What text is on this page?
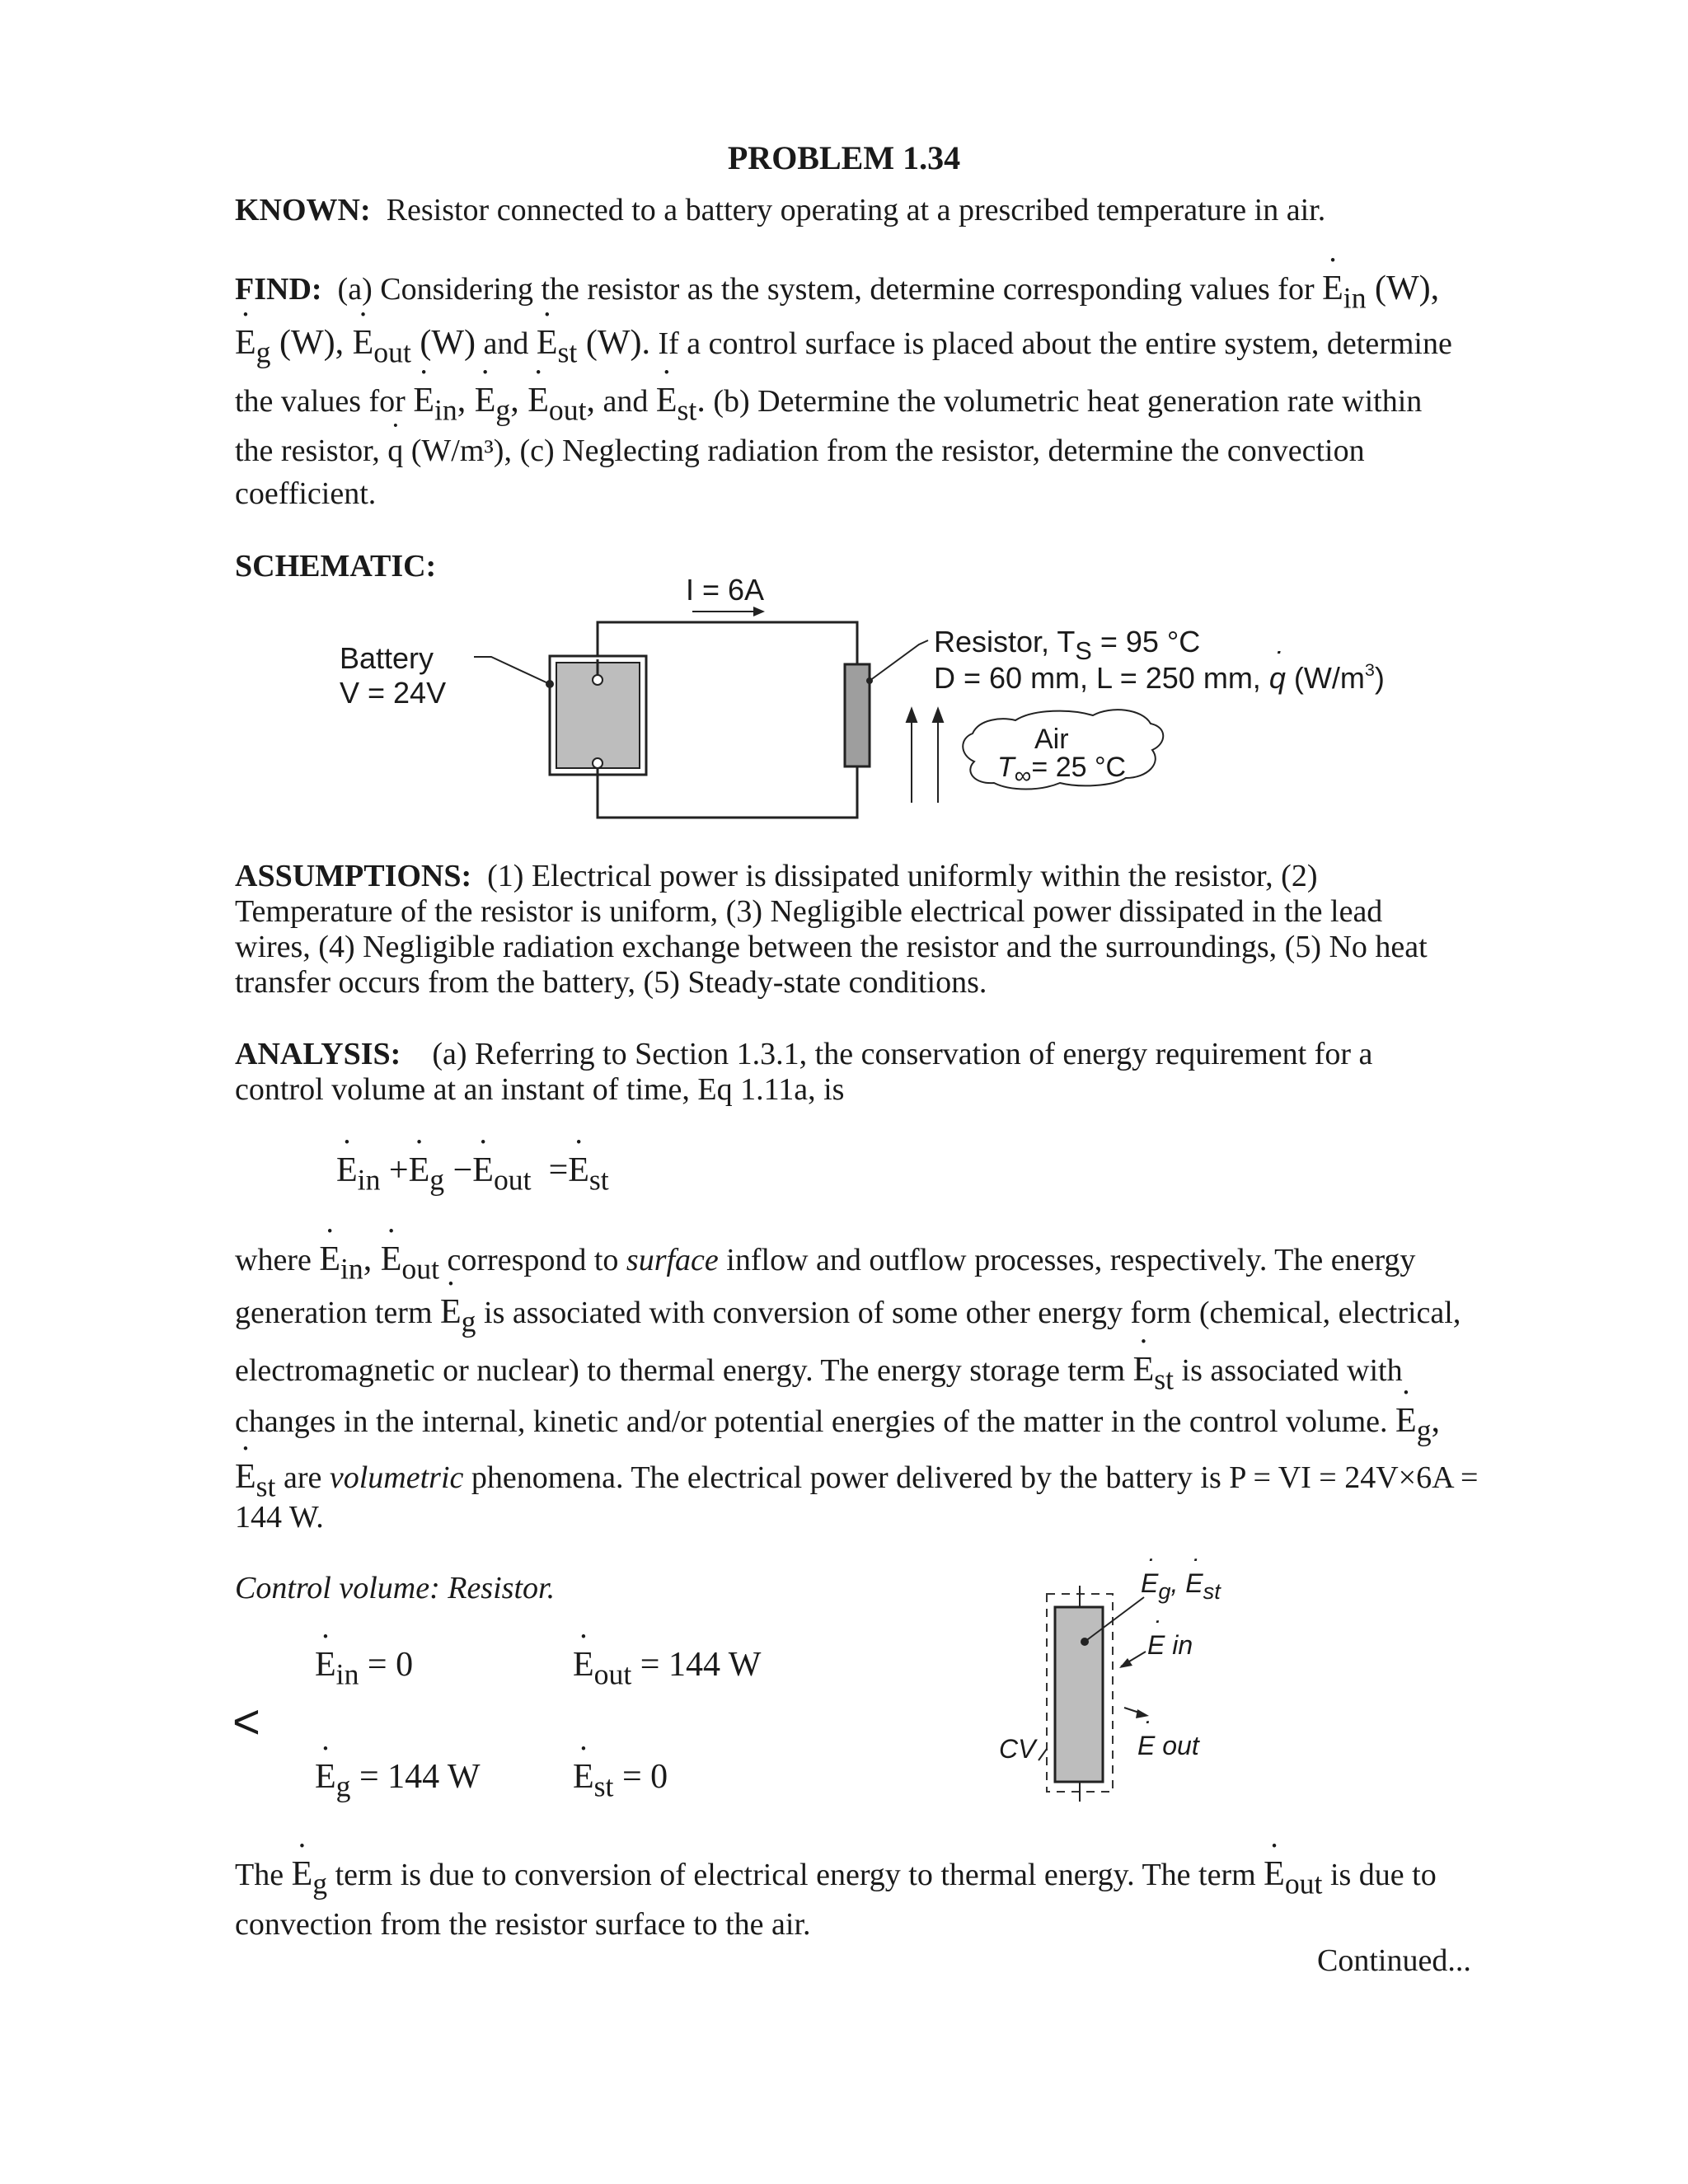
PROBLEM 1.34
KNOWN: Resistor connected to a battery operating at a prescribed temperature in air.
FIND: (a) Considering the resistor as the system, determine corresponding values for ˙ $E_{in}$ (W),
˙ $E_g$ (W), ˙ $E_{out}$ (W) and ˙ $E_{st}$ (W). If a control surface is placed about the entire system, determine
the values for ˙ $E_{in}$, ˙ $E_g$, ˙ $E_{out}$, and ˙ $E_{st}$. (b) Determine the volumetric heat generation rate within
the resistor, ˙ q (W/m³), (c) Neglecting radiation from the resistor, determine the convection
coefficient.
SCHEMATIC:
I = 6A
Battery
V = 24V
Resistor, $T_S = 95$ °C
D = 60 mm, L = 250 mm, ˙ q $(W/m^3)$
Air
$T_\infty= 25$ °C
ASSUMPTIONS: (1) Electrical power is dissipated uniformly within the resistor, (2) Temperature of the resistor is uniform, (3) Negligible electrical power dissipated in the lead wires, (4) Negligible radiation exchange between the resistor and the surroundings, (5) No heat transfer occurs from the battery, (5) Steady-state conditions.
ANALYSIS: (a) Referring to Section 1.3.1, the conservation of energy requirement for a control volume at an instant of time, Eq 1.11a, is
˙ $E_{in}$ +˙ $E_g$ −˙ $E_{out}$ =˙ $E_{st}$
where ˙ $E_{in}$, ˙ $E_{out}$ correspond to surface inflow and outflow processes, respectively. The energy
generation term ˙ $E_g$ is associated with conversion of some other energy form (chemical, electrical,
electromagnetic or nuclear) to thermal energy. The energy storage term ˙ $E_{st}$ is associated with
changes in the internal, kinetic and/or potential energies of the matter in the control volume. ˙ $E_g$,
˙ $E_{st}$ are volumetric phenomena. The electrical power delivered by the battery is P = VI = 24V×6A =
144 W.
Control volume: Resistor.
˙ $E_{in} = 0$	˙ $E_{out} = 144$ W
<
˙ $E_g = 144$ W	˙ $E_{st} = 0$
˙ $E_g$, ˙ $E_{st}$
˙ E in
˙ E out
CV
The ˙ $E_g$ term is due to conversion of electrical energy to thermal energy. The term ˙ $E_{out}$ is due to
convection from the resistor surface to the air.
Continued...
